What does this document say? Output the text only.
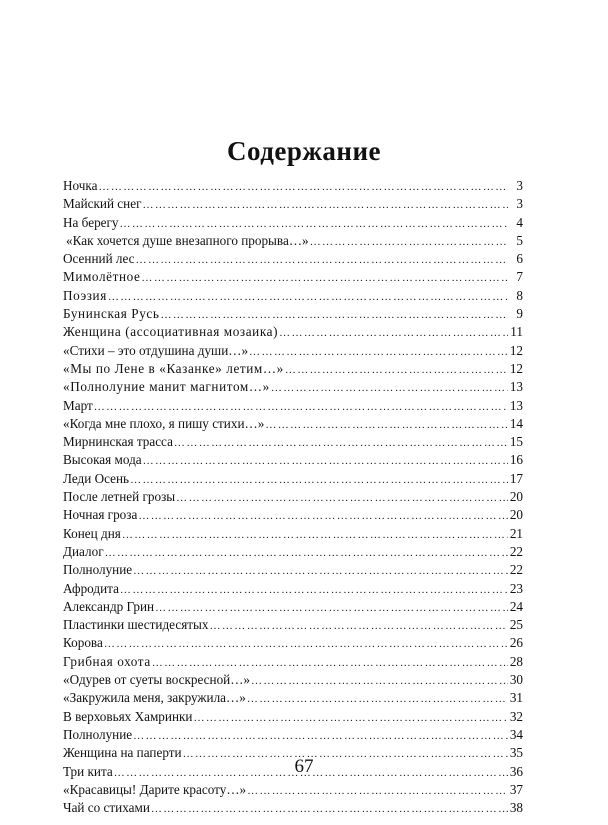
Содержание
Ночка ………………………………………………………………………………………………………………………………………………………………………………………………	3
Майский снег ………………………………………………………………………………………………………………………………………………………………………………………………	3
На берегу ………………………………………………………………………………………………………………………………………………………………………………………………	4
«Как хочется душе внезапного прорыва…» ………………………………………………………………………………………………………………………………………………………………………………………………	5
Осенний лес ………………………………………………………………………………………………………………………………………………………………………………………………	6
Мимолётное ………………………………………………………………………………………………………………………………………………………………………………………………	7
Поэзия ………………………………………………………………………………………………………………………………………………………………………………………………	8
Бунинская Русь ………………………………………………………………………………………………………………………………………………………………………………………………	9
Женщина (ассоциативная мозаика) ………………………………………………………………………………………………………………………………………………………………………………………………	11
«Стихи – это отдушина души…» ………………………………………………………………………………………………………………………………………………………………………………………………	12
«Мы по Лене в «Казанке» летим…» ………………………………………………………………………………………………………………………………………………………………………………………………	12
«Полнолуние манит магнитом…» ………………………………………………………………………………………………………………………………………………………………………………………………	13
Март ………………………………………………………………………………………………………………………………………………………………………………………………	13
«Когда мне плохо, я пишу стихи…» ………………………………………………………………………………………………………………………………………………………………………………………………	14
Мирнинская трасса ………………………………………………………………………………………………………………………………………………………………………………………………	15
Высокая мода ………………………………………………………………………………………………………………………………………………………………………………………………	16
Леди Осень ………………………………………………………………………………………………………………………………………………………………………………………………	17
После летней грозы ………………………………………………………………………………………………………………………………………………………………………………………………	20
Ночная гроза ………………………………………………………………………………………………………………………………………………………………………………………………	20
Конец дня ………………………………………………………………………………………………………………………………………………………………………………………………	21
Диалог ………………………………………………………………………………………………………………………………………………………………………………………………	22
Полнолуние ………………………………………………………………………………………………………………………………………………………………………………………………	22
Афродита ………………………………………………………………………………………………………………………………………………………………………………………………	23
Александр Грин ………………………………………………………………………………………………………………………………………………………………………………………………	24
Пластинки шестидесятых ………………………………………………………………………………………………………………………………………………………………………………………………	25
Корова ………………………………………………………………………………………………………………………………………………………………………………………………	26
Грибная охота ………………………………………………………………………………………………………………………………………………………………………………………………	28
«Одурев от суеты воскресной…» ………………………………………………………………………………………………………………………………………………………………………………………………	30
«Закружила меня, закружила…» ………………………………………………………………………………………………………………………………………………………………………………………………	31
В верховьях Хамринки ………………………………………………………………………………………………………………………………………………………………………………………………	32
Полнолуние ………………………………………………………………………………………………………………………………………………………………………………………………	34
Женщина на паперти ………………………………………………………………………………………………………………………………………………………………………………………………	35
Три кита ………………………………………………………………………………………………………………………………………………………………………………………………	36
«Красавицы! Дарите красоту…» ………………………………………………………………………………………………………………………………………………………………………………………………	37
Чай со стихами ………………………………………………………………………………………………………………………………………………………………………………………………	38

67
